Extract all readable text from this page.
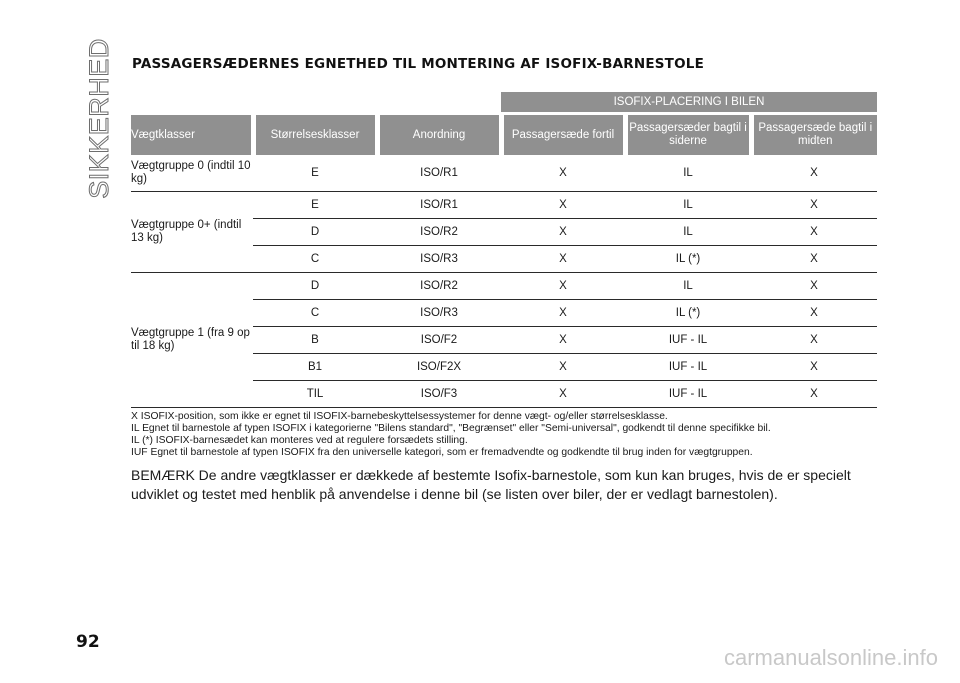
SIKKERHED PASSAGERSÆDERNES EGNETHED TIL MONTERING AF ISOFIX-BARNESTOLE
			ISOFIX-PLACERING I BILEN		
Vægtklasser	Størrelsesklasser	Anordning	Passagersæde fortil	Passagersæder bagtil i siderne	Passagersæde bagtil i midten
Vægtgruppe 0 (indtil 10 kg)	E	ISO/R1	X	IL	X
Vægtgruppe 0+ (indtil 13 kg)	E	ISO/R1	X	IL	X
	D	ISO/R2	X	IL	X
	C	ISO/R3	X	IL (*)	X
Vægtgruppe 1 (fra 9 op til 18 kg)	D	ISO/R2	X	IL	X
	C	ISO/R3	X	IL (*)	X
	B	ISO/F2	X	IUF - IL	X
	B1	ISO/F2X	X	IUF - IL	X
	TIL	ISO/F3	X	IUF - IL	X
X ISOFIX-position, som ikke er egnet til ISOFIX-barnebeskyttelsessystemer for denne vægt- og/eller størrelsesklasse.
IL Egnet til barnestole af typen ISOFIX i kategorierne "Bilens standard", "Begrænset" eller "Semi-universal", godkendt til denne specifikke bil.
IL (*) ISOFIX-barnesædet kan monteres ved at regulere forsædets stilling.
IUF Egnet til barnestole af typen ISOFIX fra den universelle kategori, som er fremadvendte og godkendte til brug inden for vægtgruppen.
BEMÆRK De andre vægtklasser er dækkede af bestemte Isofix-barnestole, som kun kan bruges, hvis de er specielt udviklet og testet med henblik på anvendelse i denne bil (se listen over biler, der er vedlagt barnestolen).
92
carmanualsonline.info
